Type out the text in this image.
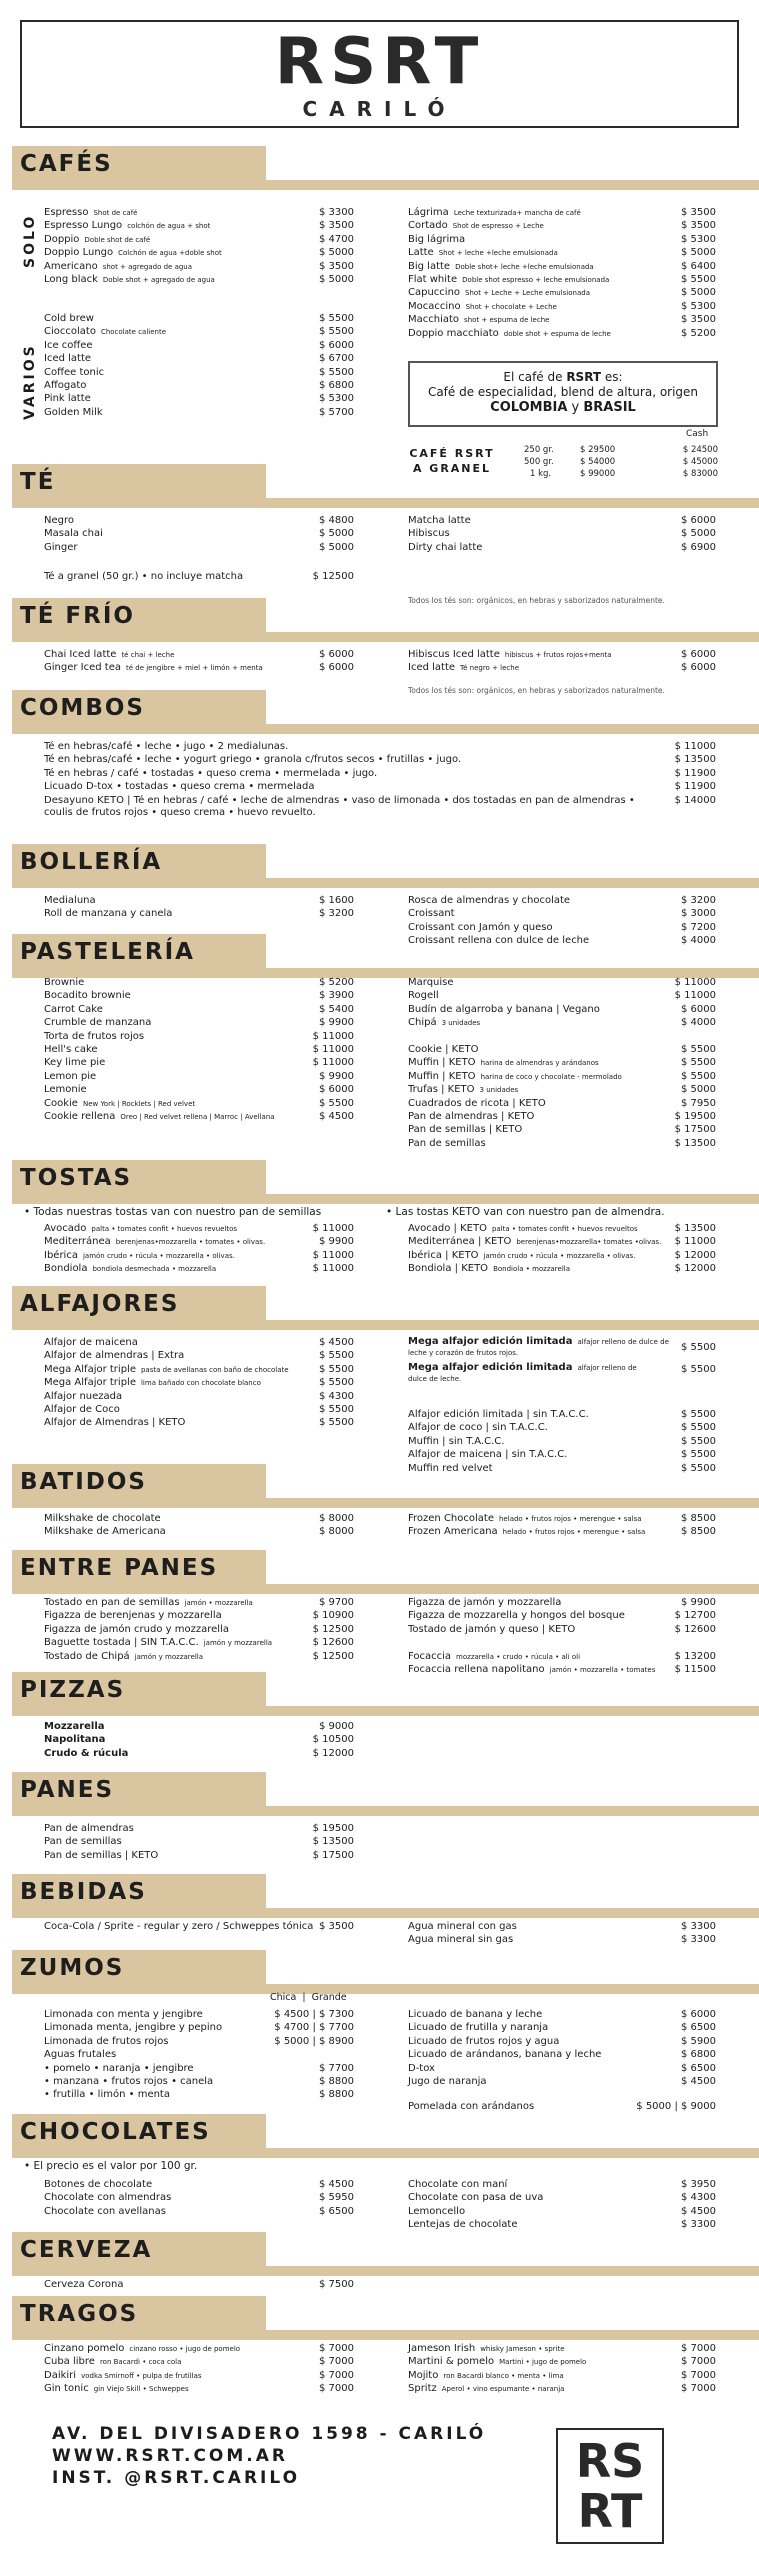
RSRT
CARILÓ
CAFÉS
TÉ
TÉ FRÍO
COMBOS
BOLLERÍA
PASTELERÍA
TOSTAS
ALFAJORES
BATIDOS
ENTRE PANES
PIZZAS
PANES
BEBIDAS
ZUMOS
CHOCOLATES
CERVEZA
TRAGOS
SOLO
VARIOS
Espresso Shot de café	$ 3300
Espresso Lungo colchón de agua + shot	$ 3500
Doppio Doble shot de café	$ 4700
Doppio Lungo Colchón de agua +doble shot	$ 5000
Americano shot + agregado de agua	$ 3500
Long black Doble shot + agregado de agua	$ 5000
Cold brew	$ 5500
Cioccolato Chocolate caliente	$ 5500
Ice coffee	$ 6000
Iced latte	$ 6700
Coffee tonic	$ 5500
Affogato	$ 6800
Pink latte	$ 5300
Golden Milk	$ 5700
Lágrima Leche texturizada+ mancha de café	$ 3500
Cortado Shot de espresso + Leche	$ 3500
Big lágrima	$ 5300
Latte Shot + leche +leche emulsionada	$ 5000
Big latte Doble shot+ leche +leche emulsionada	$ 6400
Flat white Doble shot espresso + leche emulsionada	$ 5500
Capuccino Shot + Leche + Leche emulsionada	$ 5000
Mocaccino Shot + chocolate + Leche	$ 5300
Macchiato shot + espuma de leche	$ 3500
Doppio macchiato doble shot + espuma de leche	$ 5200
El café de RSRT es:
Café de especialidad, blend de altura, origen
COLOMBIA y BRASIL
CAFÉ RSRT
A GRANEL
Cash
250 gr.	$ 29500	$ 24500
500 gr.	$ 54000	$ 45000
1 kg.	$ 99000	$ 83000
Negro	$ 4800
Masala chai	$ 5000
Ginger	$ 5000
Té a granel (50 gr.) • no incluye matcha	$ 12500
Matcha latte	$ 6000
Hibiscus	$ 5000
Dirty chai latte	$ 6900
Todos los tés son: orgánicos, en hebras y saborizados naturalmente.
Chai Iced latte té chai + leche	$ 6000
Ginger Iced tea té de jengibre + miel + limón + menta	$ 6000
Hibiscus Iced latte hibiscus + frutos rojos+menta	$ 6000
Iced latte Té negro + leche	$ 6000
Todos los tés son: orgánicos, en hebras y saborizados naturalmente.
Té en hebras/café • leche • jugo • 2 medialunas.	$ 11000
Té en hebras/café • leche • yogurt griego • granola c/frutos secos • frutillas • jugo.	$ 13500
Té en hebras / café • tostadas • queso crema • mermelada • jugo.	$ 11900
Licuado D-tox • tostadas • queso crema • mermelada	$ 11900
Desayuno KETO | Té en hebras / café • leche de almendras • vaso de limonada • dos tostadas en pan de almendras •	$ 14000
coulis de frutos rojos • queso crema • huevo revuelto.
Medialuna	$ 1600
Roll de manzana y canela	$ 3200
Rosca de almendras y chocolate	$ 3200
Croissant	$ 3000
Croissant con Jamón y queso	$ 7200
Croissant rellena con dulce de leche	$ 4000
Brownie	$ 5200
Bocadito brownie	$ 3900
Carrot Cake	$ 5400
Crumble de manzana	$ 9900
Torta de frutos rojos	$ 11000
Hell's cake	$ 11000
Key lime pie	$ 11000
Lemon pie	$ 9900
Lemonie	$ 6000
Cookie New York | Rocklets | Red velvet	$ 5500
Cookie rellena Oreo | Red velvet rellena | Marroc | Avellana	$ 4500
Marquise	$ 11000
Rogell	$ 11000
Budín de algarroba y banana | Vegano	$ 6000
Chipá 3 unidades	$ 4000
Cookie | KETO	$ 5500
Muffin | KETO harina de almendras y arándanos	$ 5500
Muffin | KETO harina de coco y chocolate - mermolado	$ 5500
Trufas | KETO 3 unidades	$ 5000
Cuadrados de ricota | KETO	$ 7950
Pan de almendras | KETO	$ 19500
Pan de semillas | KETO	$ 17500
Pan de semillas	$ 13500
• Todas nuestras tostas van con nuestro pan de semillas	• Las tostas KETO van con nuestro pan de almendra.
Avocado palta • tomates confit • huevos revueltos	$ 11000
Mediterránea berenjenas•mozzarella • tomates • olivas.	$ 9900
Ibérica jamón crudo • rúcula • mozzarella • olivas.	$ 11000
Bondiola bondiola desmechada • mozzarella	$ 11000
Avocado | KETO palta • tomates confit • huevos revueltos	$ 13500
Mediterránea | KETO berenjenas•mozzarella• tomates •olivas. $ 11000
Ibérica | KETO jamón crudo • rúcula • mozzarella • olivas.	$ 12000
Bondiola | KETO Bondiola • mozzarella	$ 12000
Alfajor de maicena	$ 4500
Alfajor de almendras | Extra	$ 5500
Mega Alfajor triple pasta de avellanas con baño de chocolate	$ 5500
Mega Alfajor triple lima bañado con chocolate blanco	$ 5500
Alfajor nuezada	$ 4300
Alfajor de Coco	$ 5500
Alfajor de Almendras | KETO	$ 5500
Mega alfajor edición limitada alfajor relleno de dulce de
leche y corazón de frutos rojos.	$ 5500
Mega alfajor edición limitada alfajor relleno de
dulce de leche.
$ 5500
Alfajor edición limitada | sin T.A.C.C.	$ 5500
Alfajor de coco | sin T.A.C.C.	$ 5500
Muffin | sin T.A.C.C.	$ 5500
Alfajor de maicena | sin T.A.C.C.	$ 5500
Muffin red velvet	$ 5500
Milkshake de chocolate	$ 8000
Milkshake de Americana	$ 8000
Frozen Chocolate helado • frutos rojos • merengue • salsa	$ 8500
Frozen Americana helado • frutos rojos • merengue • salsa	$ 8500
Tostado en pan de semillas jamón • mozzarella	$ 9700
Figazza de berenjenas y mozzarella	$ 10900
Figazza de jamón crudo y mozzarella	$ 12500
Baguette tostada | SIN T.A.C.C. jamón y mozzarella	$ 12600
Tostado de Chipá jamón y mozzarella	$ 12500
Figazza de jamón y mozzarella	$ 9900
Figazza de mozzarella y hongos del bosque	$ 12700
Tostado de jamón y queso | KETO	$ 12600
Focaccia mozzarella • crudo • rúcula • ali oli	$ 13200
Focaccia rellena napolitano jamón • mozzarella • tomates $ 11500
Mozzarella	$ 9000
Napolitana	$ 10500
Crudo & rúcula	$ 12000
Pan de almendras	$ 19500
Pan de semillas	$ 13500
Pan de semillas | KETO	$ 17500
Coca-Cola / Sprite - regular y zero / Schweppes tónica $ 3500	Agua mineral con gas	$ 3300
Agua mineral sin gas	$ 3300
Chica | Grande
Limonada con menta y jengibre	$ 4500 | $ 7300
Limonada menta, jengibre y pepino	$ 4700 | $ 7700
Limonada de frutos rojos	$ 5000 | $ 8900
Aguas frutales
• pomelo • naranja • jengibre	$ 7700
• manzana • frutos rojos • canela	$ 8800
• frutilla • limón • menta	$ 8800
Licuado de banana y leche	$ 6000
Licuado de frutilla y naranja	$ 6500
Licuado de frutos rojos y agua	$ 5900
Licuado de arándanos, banana y leche	$ 6800
D-tox	$ 6500
Jugo de naranja	$ 4500
Pomelada con arándanos	$ 5000 | $ 9000
• El precio es el valor por 100 gr.
Botones de chocolate	$ 4500
Chocolate con almendras	$ 5950
Chocolate con avellanas	$ 6500
Chocolate con maní	$ 3950
Chocolate con pasa de uva	$ 4300
Lemoncello	$ 4500
Lentejas de chocolate	$ 3300
Cerveza Corona	$ 7500
Cinzano pomelo cinzano rosso • jugo de pomelo	$ 7000
Cuba libre ron Bacardi • coca cola	$ 7000
Daikiri vodka Smirnoff • pulpa de frutillas	$ 7000
Gin tonic gin Viejo Skill • Schweppes	$ 7000
Jameson Irish whisky Jameson • sprite	$ 7000
Martini & pomelo Martini • jugo de pomelo	$ 7000
Mojito ron Bacardi blanco • menta • lima	$ 7000
Spritz Aperol • vino espumante • naranja	$ 7000
AV. DEL DIVISADERO 1598 - CARILÓ
WWW.RSRT.COM.AR
INST. @RSRT.CARILO	RS
RT
